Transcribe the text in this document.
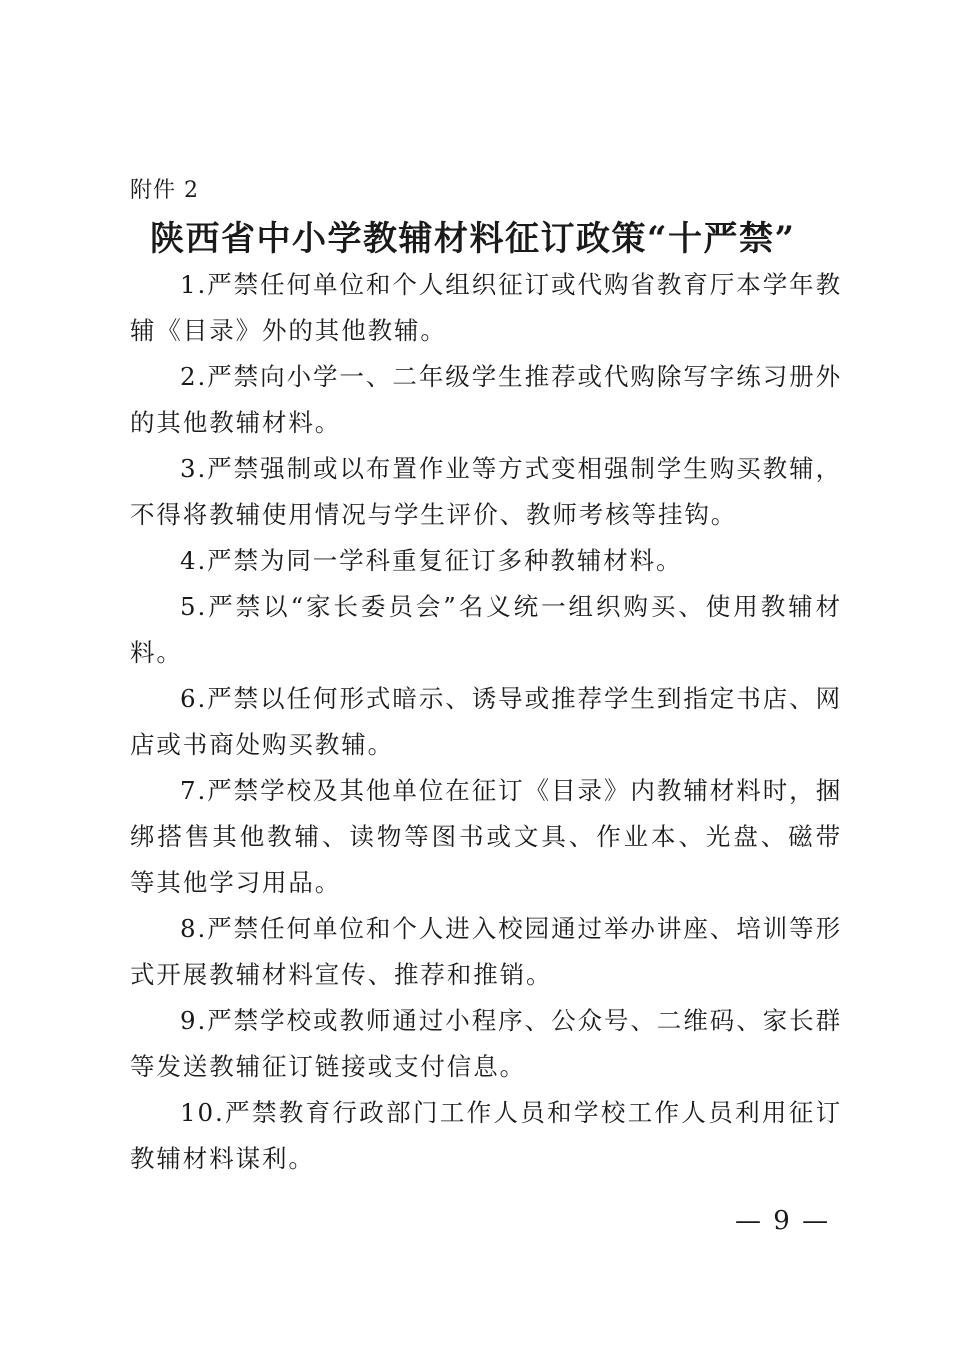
附件 2
陕西省中小学教辅材料征订政策“十严禁”

1.严禁任何单位和个人组织征订或代购省教育厅本学年教辅《目录》外的其他教辅。

2.严禁向小学一、二年级学生推荐或代购除写字练习册外的其他教辅材料。

3.严禁强制或以布置作业等方式变相强制学生购买教辅，不得将教辅使用情况与学生评价、教师考核等挂钩。

4.严禁为同一学科重复征订多种教辅材料。

5.严禁以“家长委员会”名义统一组织购买、使用教辅材料。

6.严禁以任何形式暗示、诱导或推荐学生到指定书店、网店或书商处购买教辅。

7.严禁学校及其他单位在征订《目录》内教辅材料时，捆绑搭售其他教辅、读物等图书或文具、作业本、光盘、磁带等其他学习用品。

8.严禁任何单位和个人进入校园通过举办讲座、培训等形式开展教辅材料宣传、推荐和推销。

9.严禁学校或教师通过小程序、公众号、二维码、家长群等发送教辅征订链接或支付信息。

10.严禁教育行政部门工作人员和学校工作人员利用征订教辅材料谋利。

— 9 —
